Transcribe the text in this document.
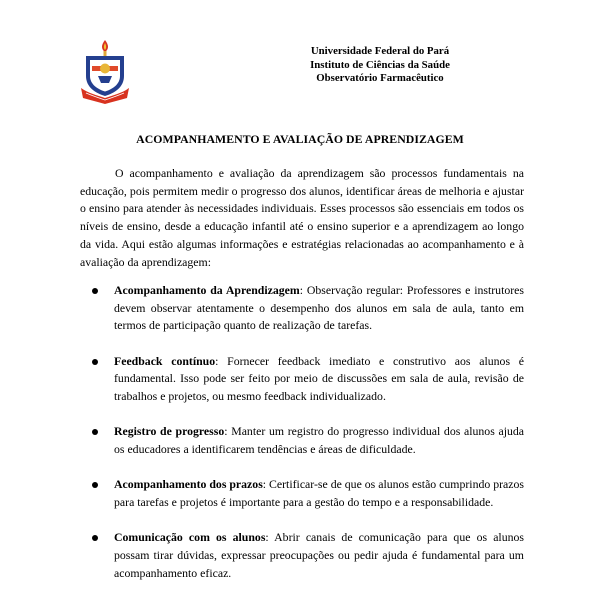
Universidade Federal do Pará
Instituto de Ciências da Saúde
Observatório Farmacêutico
ACOMPANHAMENTO E AVALIAÇÃO DE APRENDIZAGEM

O acompanhamento e avaliação da aprendizagem são processos fundamentais na educação, pois permitem medir o progresso dos alunos, identificar áreas de melhoria e ajustar o ensino para atender às necessidades individuais. Esses processos são essenciais em todos os níveis de ensino, desde a educação infantil até o ensino superior e a aprendizagem ao longo da vida. Aqui estão algumas informações e estratégias relacionadas ao acompanhamento e à avaliação da aprendizagem:

Acompanhamento da Aprendizagem: Observação regular: Professores e instrutores devem observar atentamente o desempenho dos alunos em sala de aula, tanto em termos de participação quanto de realização de tarefas.
Feedback contínuo: Fornecer feedback imediato e construtivo aos alunos é fundamental. Isso pode ser feito por meio de discussões em sala de aula, revisão de trabalhos e projetos, ou mesmo feedback individualizado.
Registro de progresso: Manter um registro do progresso individual dos alunos ajuda os educadores a identificarem tendências e áreas de dificuldade.
Acompanhamento dos prazos: Certificar-se de que os alunos estão cumprindo prazos para tarefas e projetos é importante para a gestão do tempo e a responsabilidade.
Comunicação com os alunos: Abrir canais de comunicação para que os alunos possam tirar dúvidas, expressar preocupações ou pedir ajuda é fundamental para um acompanhamento eficaz.
